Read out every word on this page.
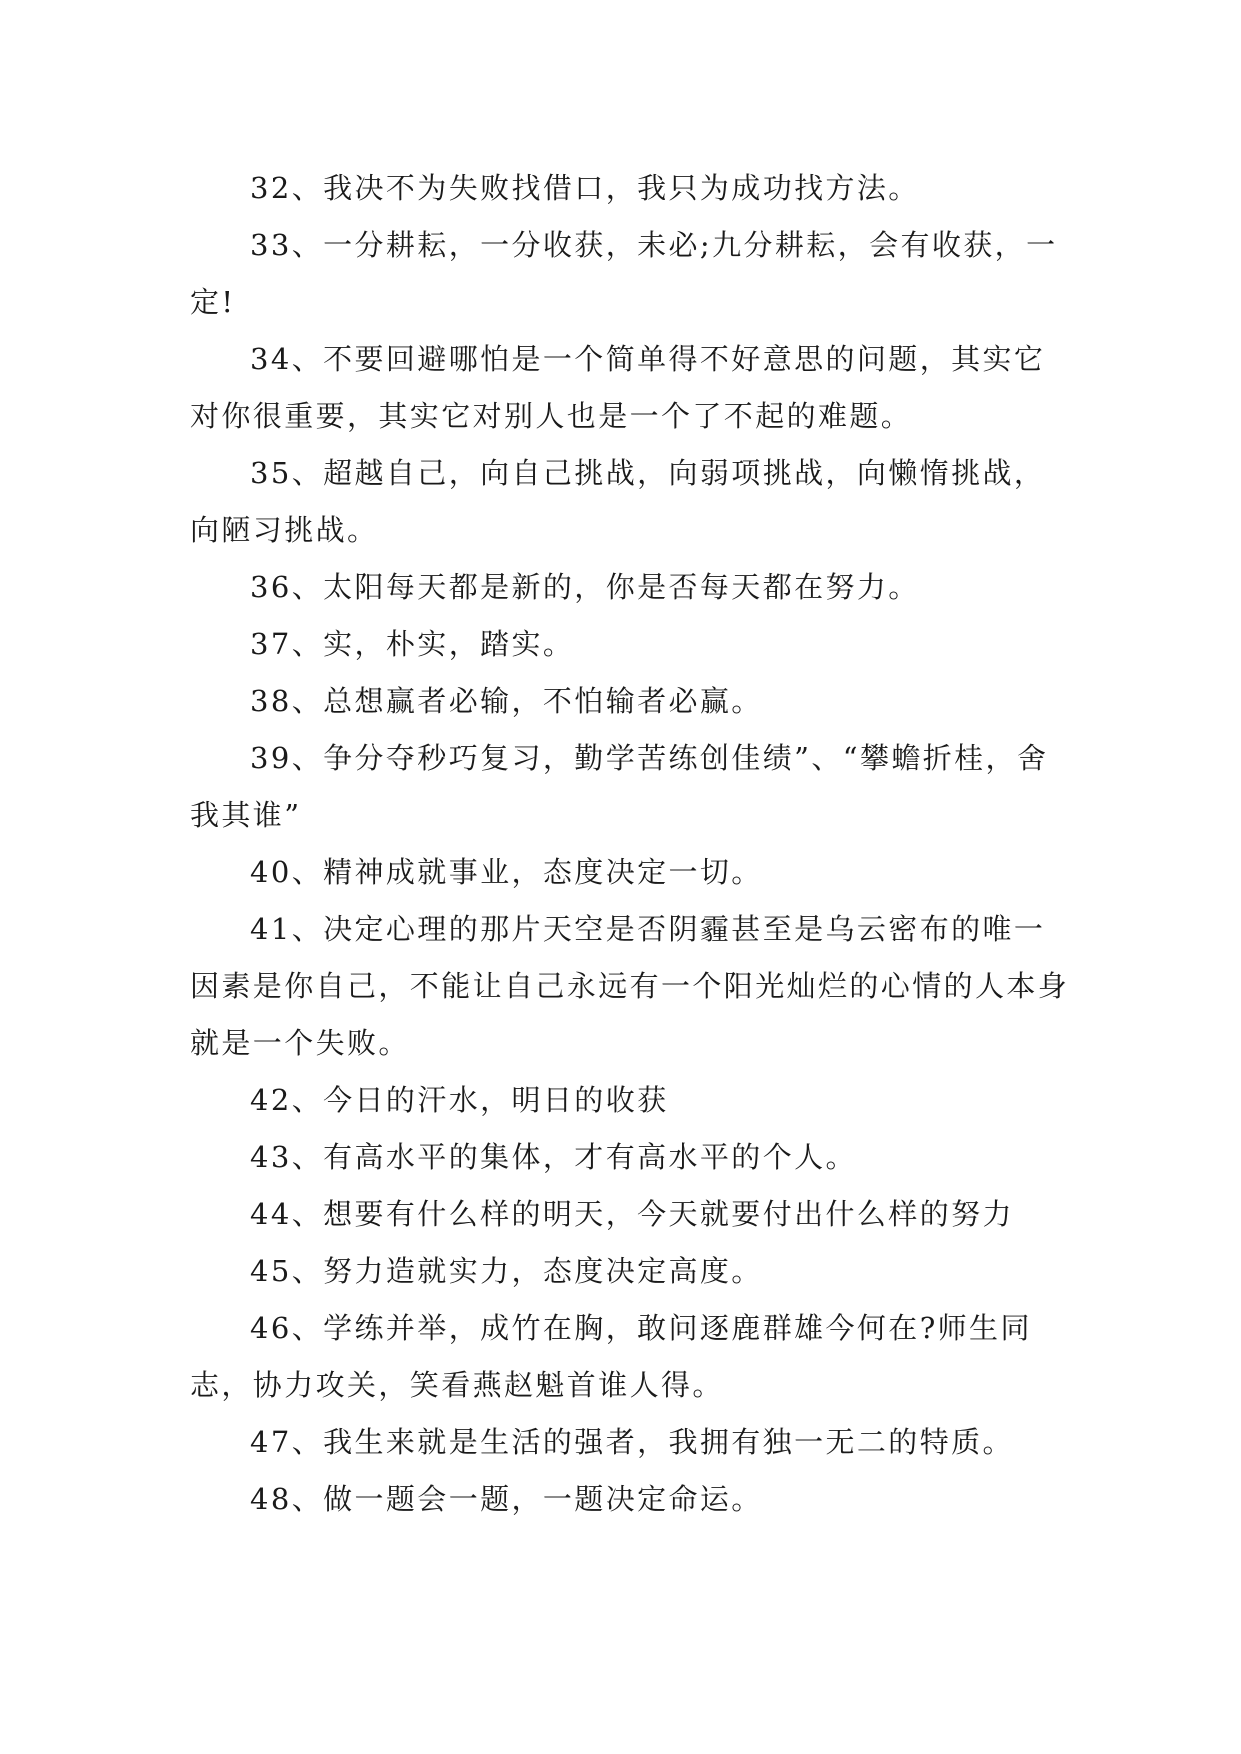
32、我决不为失败找借口，我只为成功找方法。

33、一分耕耘，一分收获，未必;九分耕耘，会有收获，一定!

34、不要回避哪怕是一个简单得不好意思的问题，其实它对你很重要，其实它对别人也是一个了不起的难题。

35、超越自己，向自己挑战，向弱项挑战，向懒惰挑战，向陋习挑战。

36、太阳每天都是新的，你是否每天都在努力。

37、实，朴实，踏实。

38、总想赢者必输，不怕输者必赢。

39、争分夺秒巧复习，勤学苦练创佳绩”、“攀蟾折桂，舍我其谁”

40、精神成就事业，态度决定一切。

41、决定心理的那片天空是否阴霾甚至是乌云密布的唯一因素是你自己，不能让自己永远有一个阳光灿烂的心情的人本身就是一个失败。

42、今日的汗水，明日的收获

43、有高水平的集体，才有高水平的个人。

44、想要有什么样的明天，今天就要付出什么样的努力

45、努力造就实力，态度决定高度。

46、学练并举，成竹在胸，敢问逐鹿群雄今何在?师生同志，协力攻关，笑看燕赵魁首谁人得。

47、我生来就是生活的强者，我拥有独一无二的特质。

48、做一题会一题，一题决定命运。
